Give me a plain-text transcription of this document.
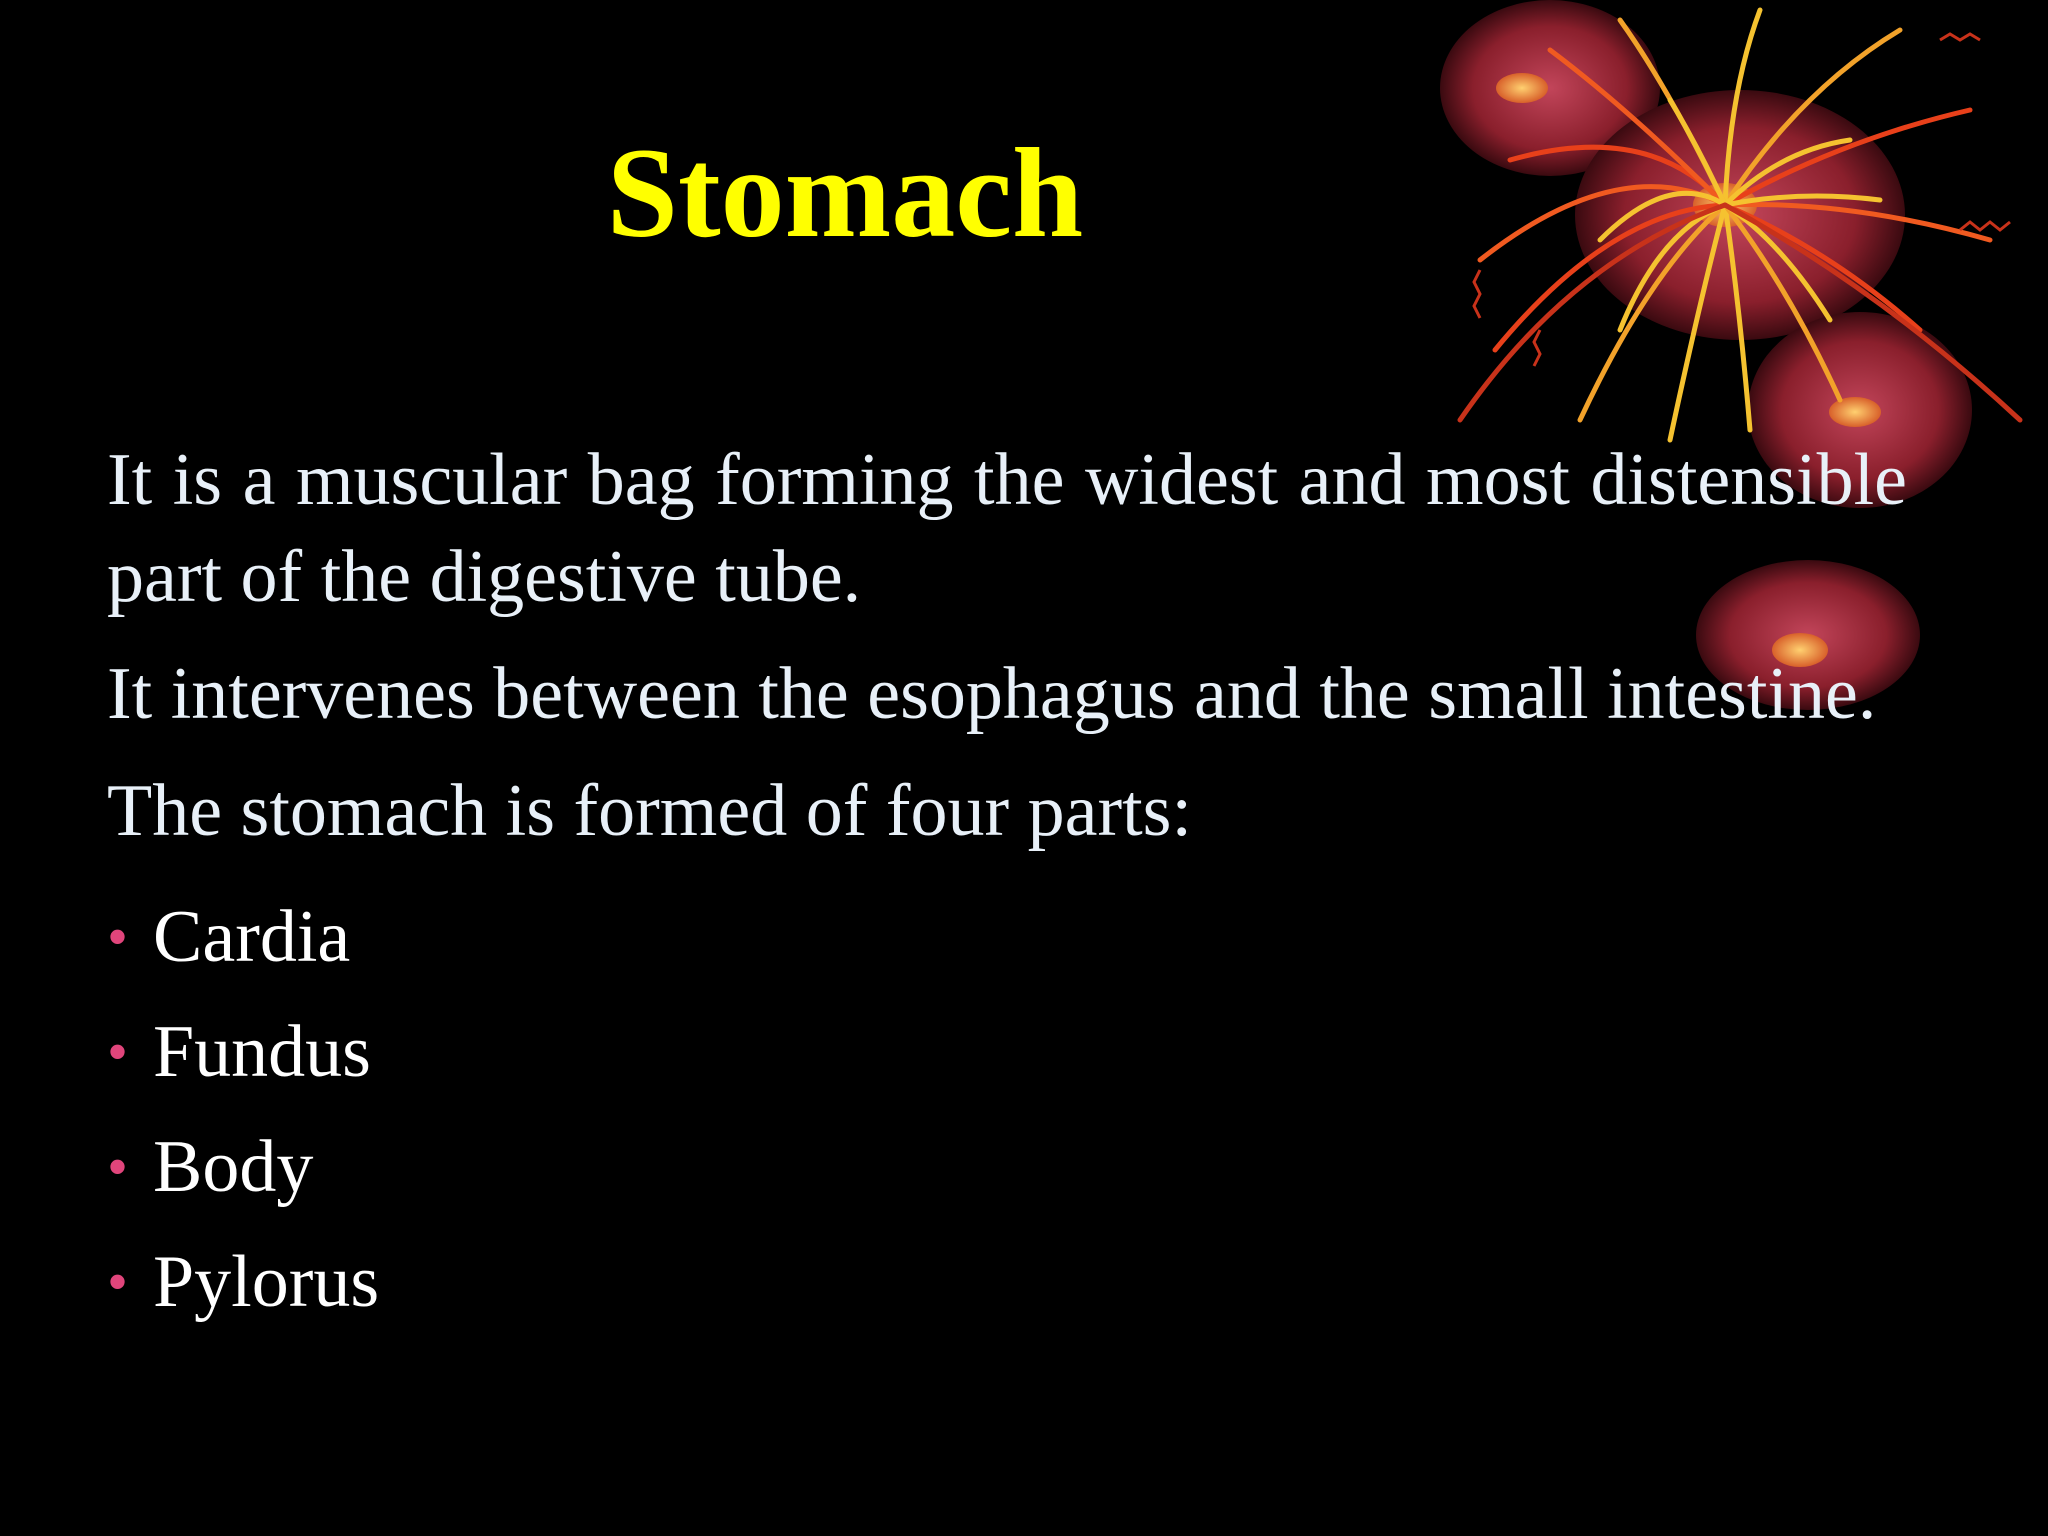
Stomach

It is a muscular bag forming the widest and most distensible part of the digestive tube.

It intervenes between the esophagus and the small intestine.

The stomach is formed of four parts:

• Cardia
• Fundus
• Body
• Pylorus
